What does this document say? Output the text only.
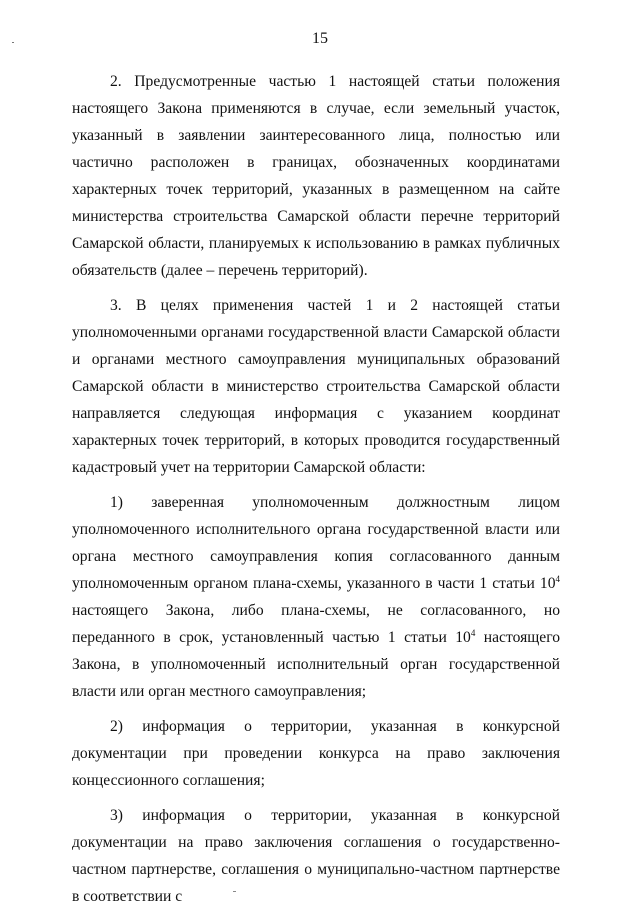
15

2. Предусмотренные частью 1 настоящей статьи положения настоящего Закона применяются в случае, если земельный участок, указанный в заявлении заинтересованного лица, полностью или частично расположен в границах, обозначенных координатами характерных точек территорий, указанных в размещенном на сайте министерства строительства Самарской области перечне территорий Самарской области, планируемых к использованию в рамках публичных обязательств (далее – перечень территорий).

3. В целях применения частей 1 и 2 настоящей статьи уполномоченными органами государственной власти Самарской области и органами местного самоуправления муниципальных образований Самарской области в министерство строительства Самарской области направляется следующая информация с указанием координат характерных точек территорий, в которых проводится государственный кадастровый учет на территории Самарской области:

1) заверенная уполномоченным должностным лицом уполномоченного исполнительного органа государственной власти или органа местного самоуправления копия согласованного данным уполномоченным органом плана-схемы, указанного в части 1 статьи $10^4$ настоящего Закона, либо плана-схемы, не согласованного, но переданного в срок, установленный частью 1 статьи $10^4$ настоящего Закона, в уполномоченный исполнительный орган государственной власти или орган местного самоуправления;

2) информация о территории, указанная в конкурсной документации при проведении конкурса на право заключения концессионного соглашения;

3) информация о территории, указанная в конкурсной документации на право заключения соглашения о государственно-частном партнерстве, соглашения о муниципально-частном партнерстве в соответствии с
